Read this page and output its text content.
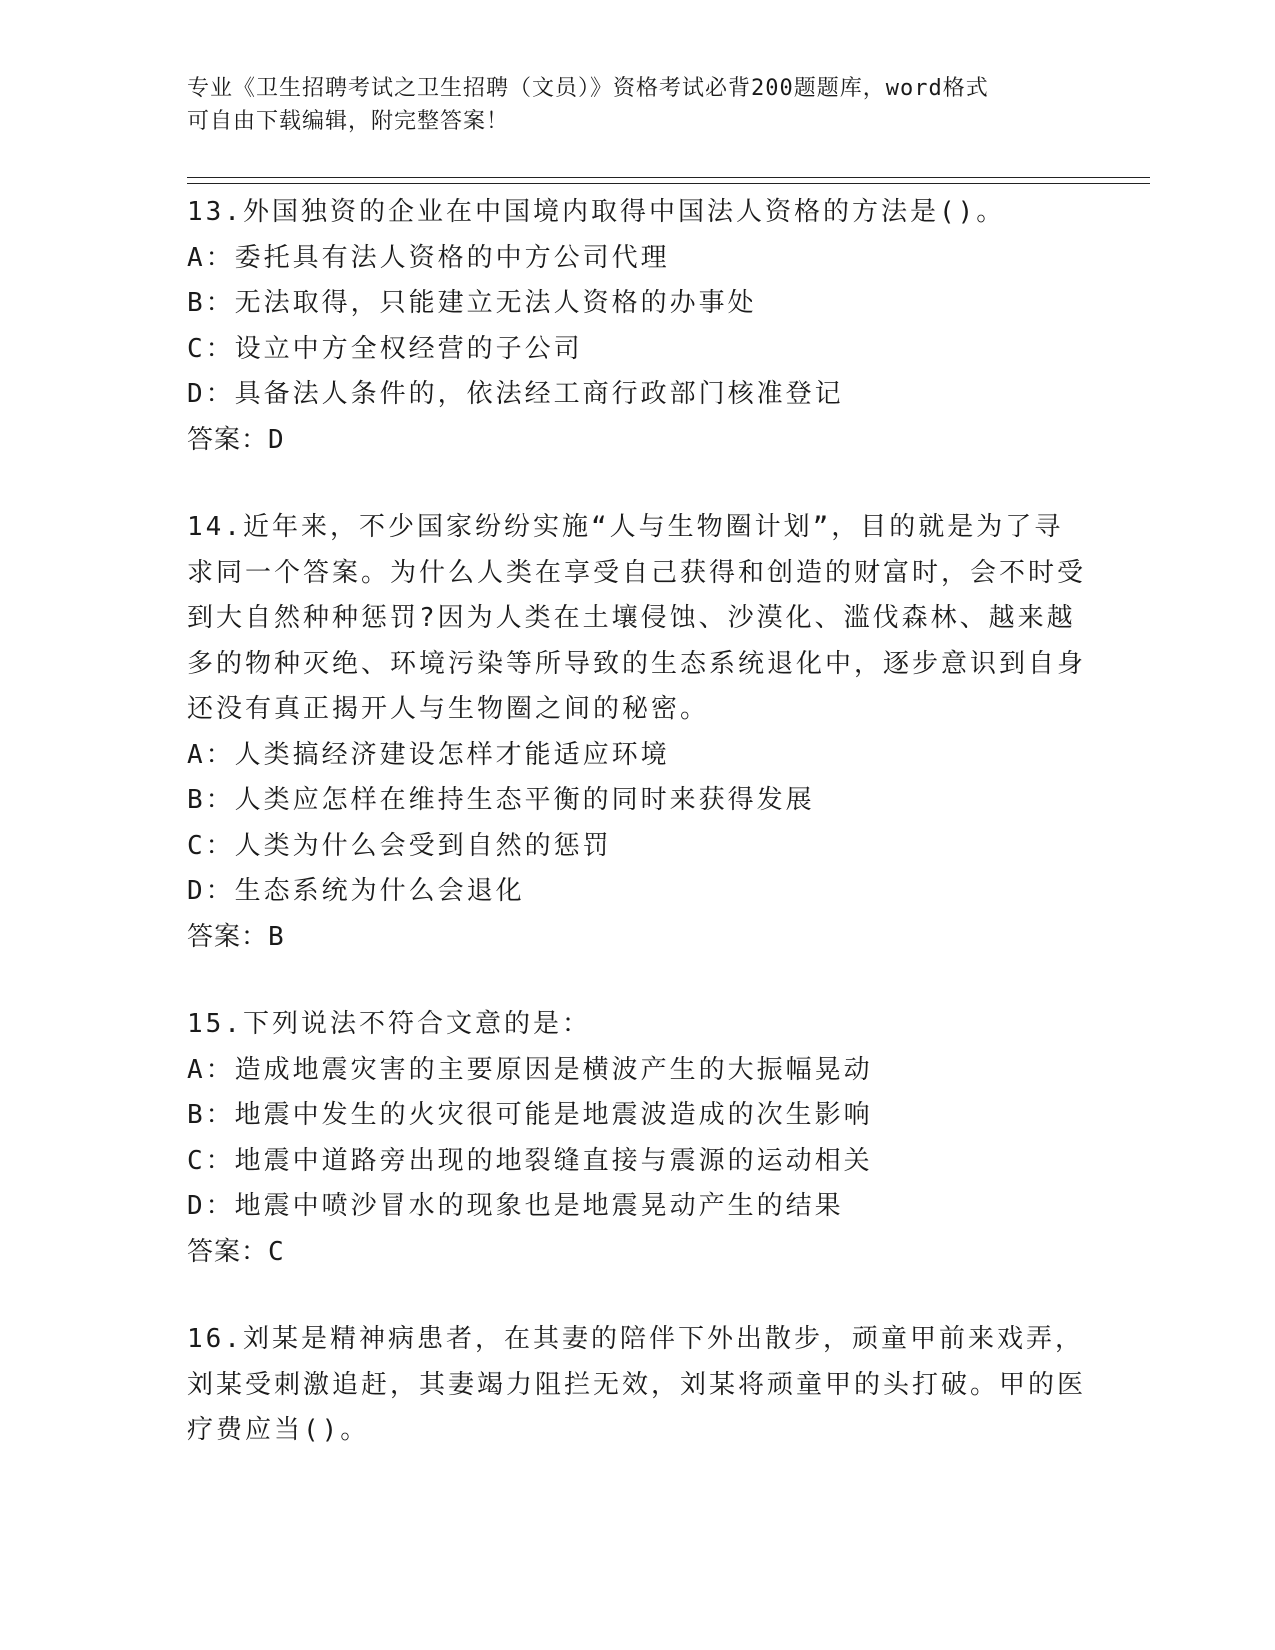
专业《卫生招聘考试之卫生招聘（文员）》资格考试必背200题题库，word格式
可自由下载编辑，附完整答案！

13.外国独资的企业在中国境内取得中国法人资格的方法是()。

A：委托具有法人资格的中方公司代理

B：无法取得，只能建立无法人资格的办事处

C：设立中方全权经营的子公司

D：具备法人条件的，依法经工商行政部门核准登记

答案：D

14.近年来，不少国家纷纷实施“人与生物圈计划”，目的就是为了寻求同一个答案。为什么人类在享受自己获得和创造的财富时，会不时受到大自然种种惩罚?因为人类在土壤侵蚀、沙漠化、滥伐森林、越来越多的物种灭绝、环境污染等所导致的生态系统退化中，逐步意识到自身还没有真正揭开人与生物圈之间的秘密。

A：人类搞经济建设怎样才能适应环境

B：人类应怎样在维持生态平衡的同时来获得发展

C：人类为什么会受到自然的惩罚

D：生态系统为什么会退化

答案：B

15.下列说法不符合文意的是：

A：造成地震灾害的主要原因是横波产生的大振幅晃动

B：地震中发生的火灾很可能是地震波造成的次生影响

C：地震中道路旁出现的地裂缝直接与震源的运动相关

D：地震中喷沙冒水的现象也是地震晃动产生的结果

答案：C

16.刘某是精神病患者，在其妻的陪伴下外出散步，顽童甲前来戏弄，刘某受刺激追赶，其妻竭力阻拦无效，刘某将顽童甲的头打破。甲的医疗费应当()。
